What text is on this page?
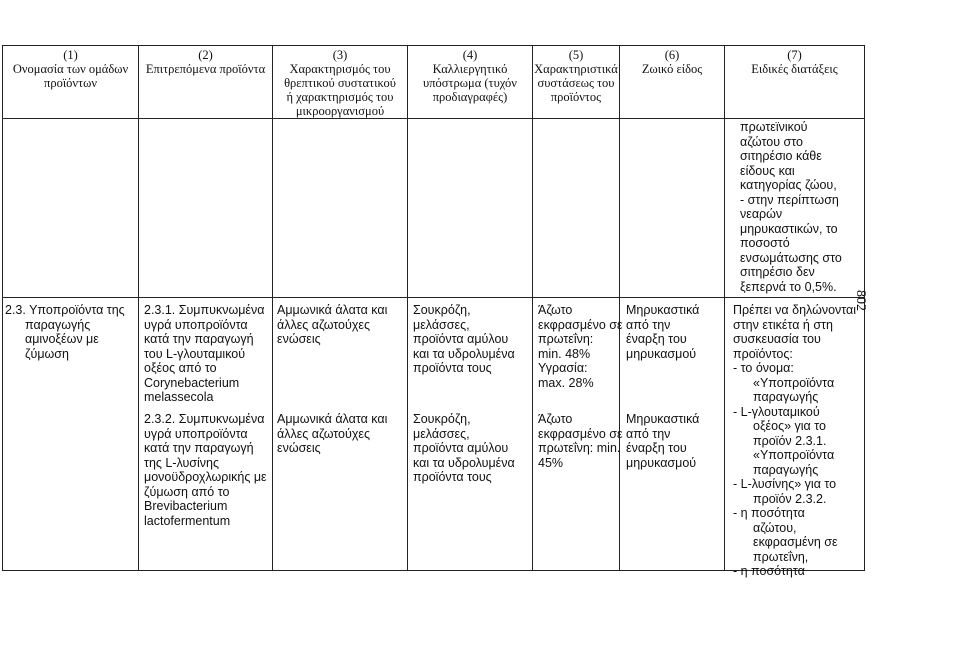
(1)
Ονομασία των ομάδων
προϊόντων
(2)
Επιτρεπόμενα προϊόντα
(3)
Χαρακτηρισμός του
θρεπτικού συστατικού
ή χαρακτηρισμός του
μικροοργανισμού
(4)
Καλλιεργητικό
υπόστρωμα (τυχόν
προδιαγραφές)
(5)
Χαρακτηριστικά
συστάσεως του
προϊόντος
(6)
Ζωικό είδος
(7)
Ειδικές διατάξεις
πρωτεϊνικού
αζώτου στο
σιτηρέσιο κάθε
είδους και
κατηγορίας ζώου,
- στην περίπτωση
νεαρών
μηρυκαστικών, το
ποσοστό
ενσωμάτωσης στο
σιτηρέσιο δεν
ξεπερνά το 0,5%.
2.3. Υποπροϊόντα της
παραγωγής
αμινοξέων με
ζύμωση
2.3.1. Συμπυκνωμένα
υγρά υποπροϊόντα
κατά την παραγωγή
του L-γλουταμικού
οξέος από το
Corynebacterium
melassecola
Αμμωνικά άλατα και
άλλες αζωτούχες
ενώσεις
Σουκρόζη,
μελάσσες,
προϊόντα αμύλου
και τα υδρολυμένα
προϊόντα τους
Άζωτο
εκφρασμένο σε
πρωτεΐνη:
min. 48%
Υγρασία:
max. 28%
Μηρυκαστικά
από την
έναρξη του
μηρυκασμού
2.3.2. Συμπυκνωμένα
υγρά υποπροϊόντα
κατά την παραγωγή
της L-λυσίνης
μονοϋδροχλωρικής με
ζύμωση από το
Brevibacterium
lactofermentum
Αμμωνικά άλατα και
άλλες αζωτούχες
ενώσεις
Σουκρόζη,
μελάσσες,
προϊόντα αμύλου
και τα υδρολυμένα
προϊόντα τους
Άζωτο
εκφρασμένο σε
πρωτεΐνη: min.
45%
Μηρυκαστικά
από την
έναρξη του
μηρυκασμού
Πρέπει να δηλώνονται
στην ετικέτα ή στη
συσκευασία του
προϊόντος:
- το όνομα:
«Υποπροϊόντα
παραγωγής
- L-γλουταμικού
οξέος» για το
προϊόν 2.3.1.
«Υποπροϊόντα
παραγωγής
- L-λυσίνης» για το
προϊόν 2.3.2.
- η ποσότητα
αζώτου,
εκφρασμένη σε
πρωτεΐνη,
- η ποσότητα
802
